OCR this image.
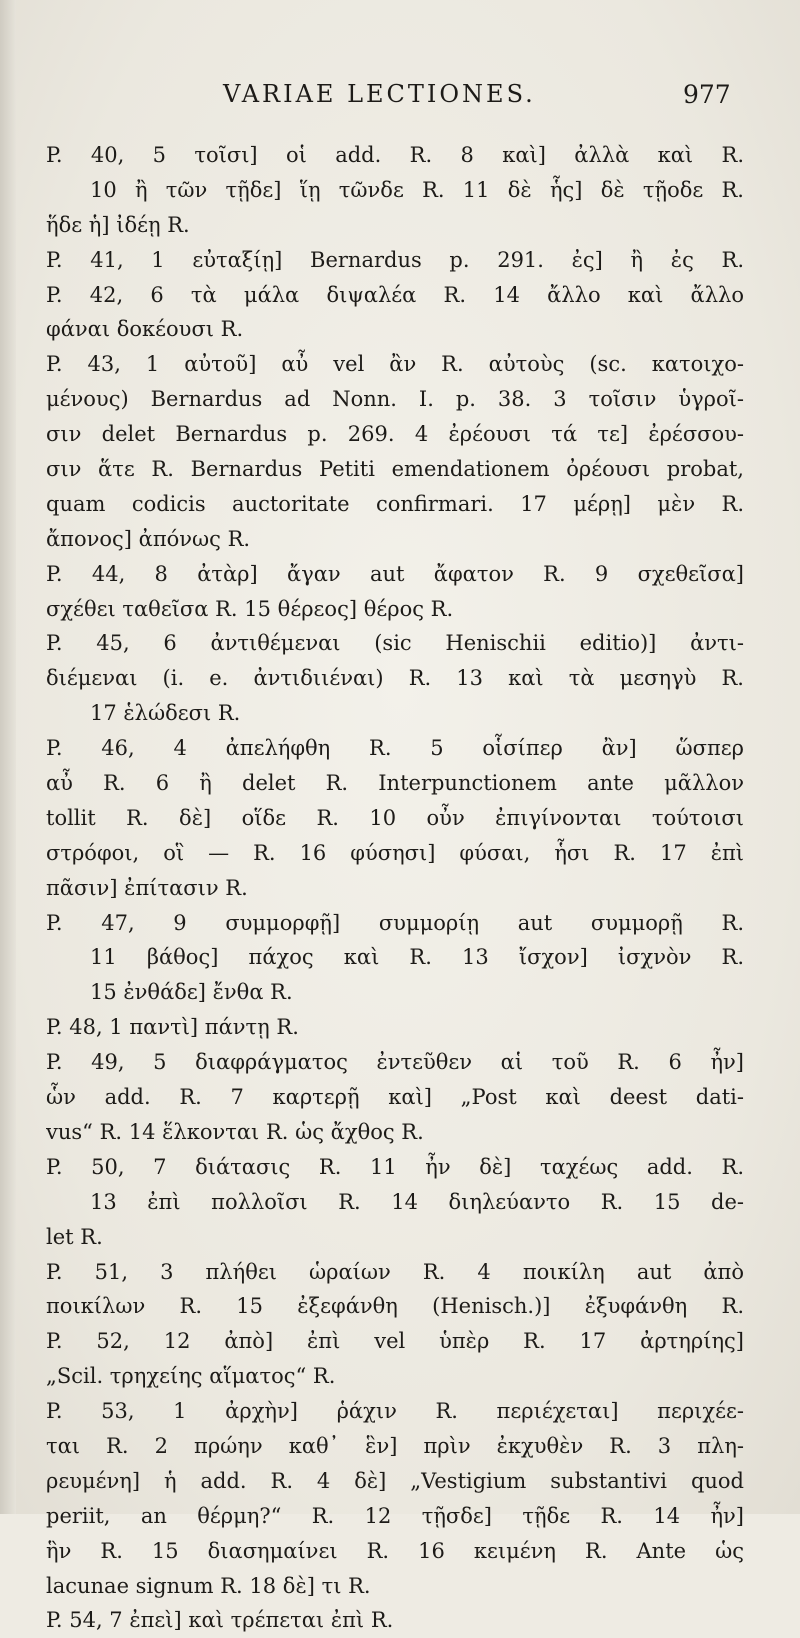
VARIAE LECTIONES.	977
P. 40, 5 τοῖσι] οἱ add. R. 8 καὶ] ἀλλὰ καὶ R.
10 ἢ τῶν τῇδε] ἵῃ τῶνδε R. 11 δὲ ἧς] δὲ τῇοδε R.
ἥδε ἡ] ἰδέῃ R.
P. 41, 1 εὐταξίῃ] Bernardus p. 291. ἐς] ἢ ἐς R.
P. 42, 6 τὰ μάλα διψαλέα R. 14 ἄλλο καὶ ἄλλο
φάναι δοκέουσι R.
P. 43, 1 αὐτοῦ] αὖ vel ἂν R. αὐτοὺς (sc. κατοιχο-
μένους) Bernardus ad Nonn. I. p. 38. 3 τοῖσιν ὑγροῖ-
σιν delet Bernardus p. 269. 4 ἐρέουσι τά τε] ἐρέσσου-
σιν ἅτε R. Bernardus Petiti emendationem ὀρέουσι probat,
quam codicis auctoritate confirmari. 17 μέρῃ] μὲν R.
ἄπονος] ἀπόνως R.
P. 44, 8 ἀτὰρ] ἄγαν aut ἄφατον R. 9 σχεθεῖσα]
σχέθει ταθεῖσα R. 15 θέρεος] θέρος R.
P. 45, 6 ἀντιθέμεναι (sic Henischii editio)] ἀντι-
διέμεναι (i. e. ἀντιδιιέναι) R. 13 καὶ τὰ μεσηγὺ R.
17 ἑλώδεσι R.
P. 46, 4 ἀπελήφθη R. 5 οἷσίπερ ἂν] ὥσπερ
αὖ R. 6 ἢ delet R. Interpunctionem ante μᾶλλον
tollit R. δὲ] οἵδε R. 10 οὖν ἐπιγίνονται τούτοισι
στρόφοι, οἳ — R. 16 φύσησι] φύσαι, ἧσι R. 17 ἐπὶ
πᾶσιν] ἐπίτασιν R.
P. 47, 9 συμμορφῇ] συμμορίῃ aut συμμορῇ R.
11 βάθος] πάχος καὶ R. 13 ἴσχον] ἰσχνὸν R.
15 ἐνθάδε] ἔνθα R.
P. 48, 1 παντὶ] πάντῃ R.
P. 49, 5 διαφράγματος ἐντεῦθεν αἱ τοῦ R. 6 ἦν]
ὧν add. R. 7 καρτερῇ καὶ] „Post καὶ deest dati-
vus“ R. 14 ἕλκονται R. ὡς ἄχθος R.
P. 50, 7 διάτασις R. 11 ἦν δὲ] ταχέως add. R.
13 ἐπὶ πολλοῖσι R. 14 διηλεύαντο R. 15 de-
let R.
P. 51, 3 πλήθει ὡραίων R. 4 ποικίλη aut ἀπὸ
ποικίλων R. 15 ἐξεφάνθη (Henisch.)] ἐξυφάνθη R.
P. 52, 12 ἀπὸ] ἐπὶ vel ὑπὲρ R. 17 ἀρτηρίης]
„Scil. τρηχείης αἵματος“ R.
P. 53, 1 ἀρχὴν] ῥάχιν R. περιέχεται] περιχέε-
ται R. 2 πρώην καθ᾽ ἓν] πρὶν ἐκχυθὲν R. 3 πλη-
ρευμένη] ἡ add. R. 4 δὲ] „Vestigium substantivi quod
periit, an θέρμη?“ R. 12 τῇσδε] τῇδε R. 14 ἦν]
ἣν R. 15 διασημαίνει R. 16 κειμένη R. Ante ὡς
lacunae signum R. 18 δὲ] τι R.
P. 54, 7 ἐπεὶ] καὶ τρέπεται ἐπὶ R.
